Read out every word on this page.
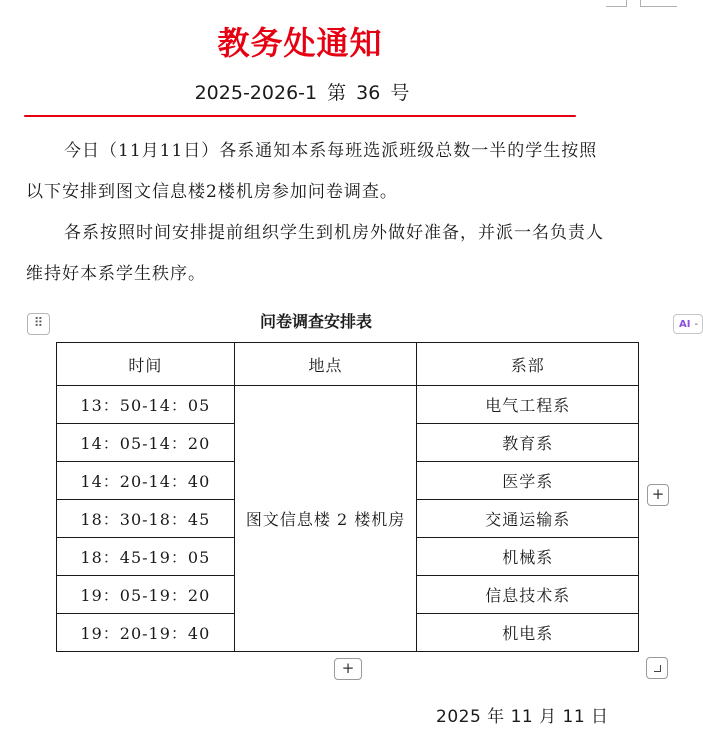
教务处通知
2025-2026-1 第 36 号

今日（11月11日）各系通知本系每班选派班级总数一半的学生按照以下安排到图文信息楼2楼机房参加问卷调查。

各系按照时间安排提前组织学生到机房外做好准备，并派一名负责人维持好本系学生秩序。

⠿	问卷调查安排表	AI -
时间	地点	系部
13：50-14：05	图文信息楼 2 楼机房	电气工程系
14：05-14：20		教育系
14：20-14：40		医学系
18：30-18：45		交通运输系
18：45-19：05		机械系
19：05-19：20		信息技术系
19：20-19：40		机电系
+
+
2025 年 11 月 11 日
